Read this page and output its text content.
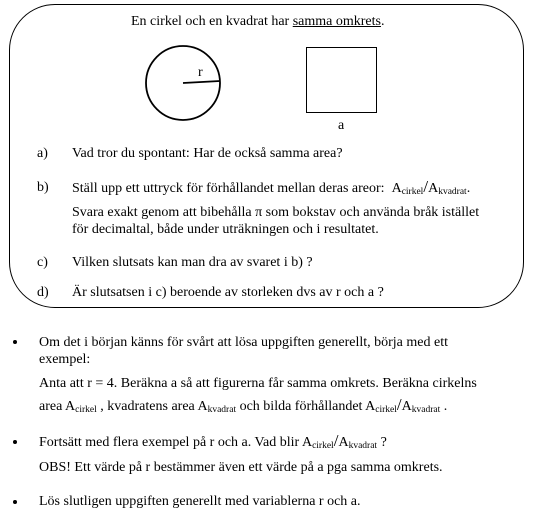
En cirkel och en kvadrat har samma omkrets.
r
a
a) Vad tror du spontant: Har de också samma area?
b) Ställ upp ett uttryck för förhållandet mellan deras areor: Acirkel/Akvadrat.
Svara exakt genom att bibehålla π som bokstav och använda bråk istället
för decimaltal, både under uträkningen och i resultatet.
c) Vilken slutsats kan man dra av svaret i b) ?
d) Är slutsatsen i c) beroende av storleken dvs av r och a ?
Om det i början känns för svårt att lösa uppgiften generellt, börja med ett
exempel:
Anta att r = 4. Beräkna a så att figurerna får samma omkrets. Beräkna cirkelns
area Acirkel , kvadratens area Akvadrat och bilda förhållandet Acirkel/Akvadrat .
Fortsätt med flera exempel på r och a. Vad blir Acirkel/Akvadrat ?
OBS! Ett värde på r bestämmer även ett värde på a pga samma omkrets.
Lös slutligen uppgiften generellt med variablerna r och a.
